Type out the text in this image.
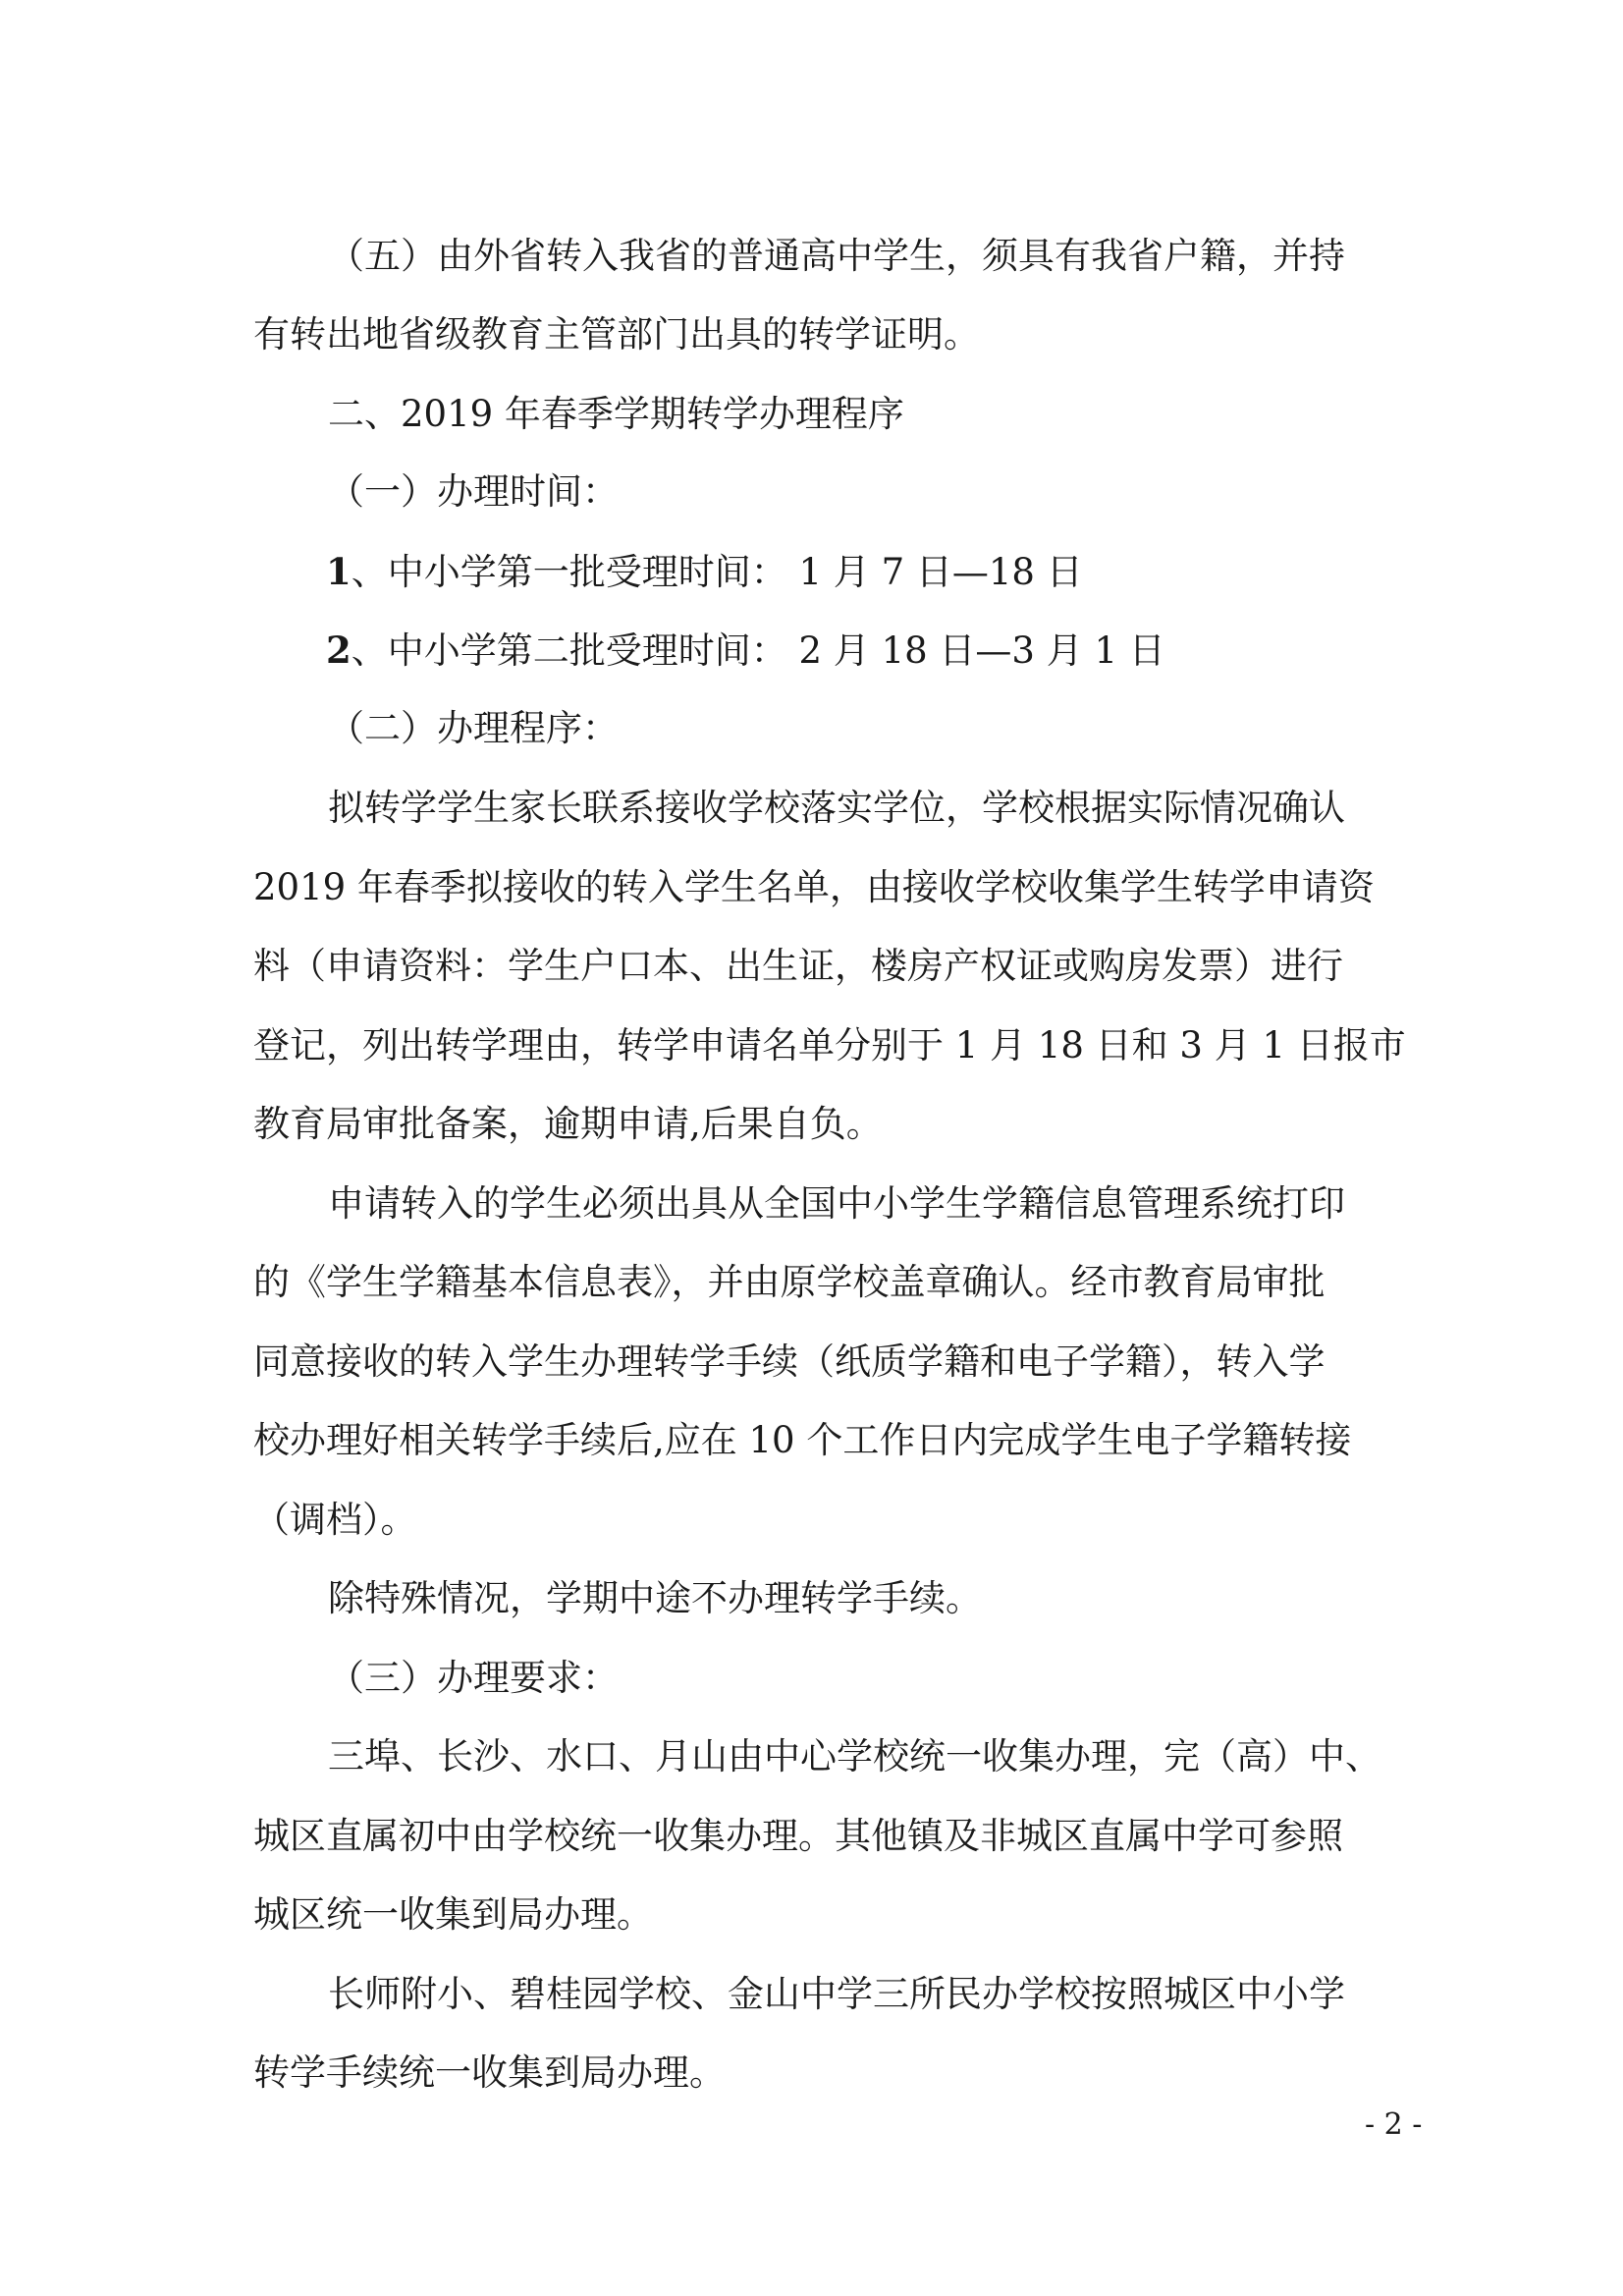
（五）由外省转入我省的普通高中学生，须具有我省户籍，并持
有转出地省级教育主管部门出具的转学证明。
二、2019 年春季学期转学办理程序
（一）办理时间：
1、中小学第一批受理时间： 1 月 7 日—18 日
2、中小学第二批受理时间： 2 月 18 日—3 月 1 日
（二）办理程序：
拟转学学生家长联系接收学校落实学位，学校根据实际情况确认
2019 年春季拟接收的转入学生名单，由接收学校收集学生转学申请资
料（申请资料：学生户口本、出生证，楼房产权证或购房发票）进行
登记，列出转学理由，转学申请名单分别于 1 月 18 日和 3 月 1 日报市
教育局审批备案，逾期申请,后果自负。
申请转入的学生必须出具从全国中小学生学籍信息管理系统打印
的《学生学籍基本信息表》，并由原学校盖章确认。经市教育局审批
同意接收的转入学生办理转学手续（纸质学籍和电子学籍），转入学
校办理好相关转学手续后,应在 10 个工作日内完成学生电子学籍转接
（调档）。
除特殊情况，学期中途不办理转学手续。
（三）办理要求：
三埠、长沙、水口、月山由中心学校统一收集办理，完（高）中、
城区直属初中由学校统一收集办理。其他镇及非城区直属中学可参照
城区统一收集到局办理。
长师附小、碧桂园学校、金山中学三所民办学校按照城区中小学
转学手续统一收集到局办理。
- 2 -
